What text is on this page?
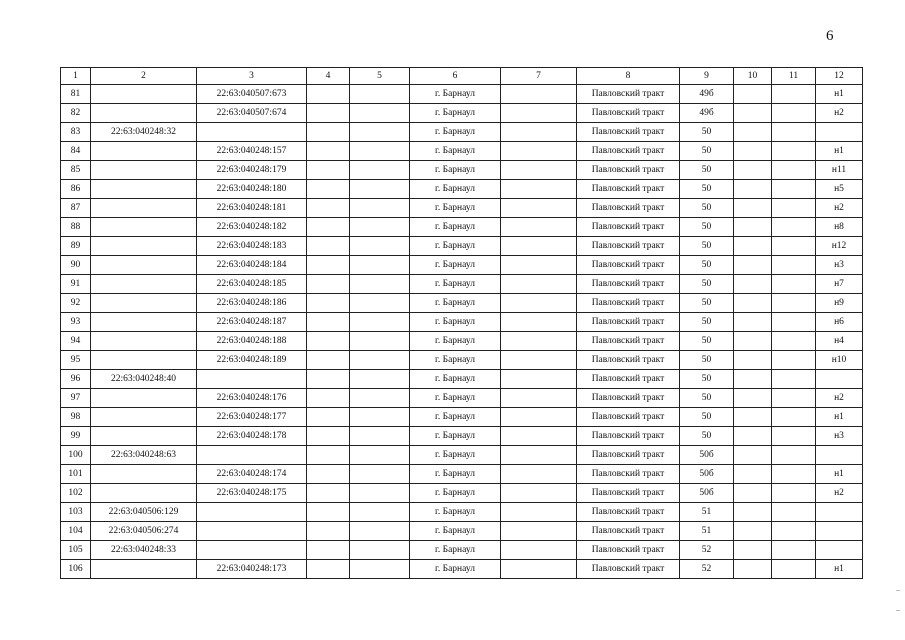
6
1	2	3	4	5	6	7	8	9	10	11	12
81		22:63:040507:673			г. Барнаул		Павловский тракт	49б			н1
82		22:63:040507:674			г. Барнаул		Павловский тракт	49б			н2
83	22:63:040248:32				г. Барнаул		Павловский тракт	50			
84		22:63:040248:157			г. Барнаул		Павловский тракт	50			н1
85		22:63:040248:179			г. Барнаул		Павловский тракт	50			н11
86		22:63:040248:180			г. Барнаул		Павловский тракт	50			н5
87		22:63:040248:181			г. Барнаул		Павловский тракт	50			н2
88		22:63:040248:182			г. Барнаул		Павловский тракт	50			н8
89		22:63:040248:183			г. Барнаул		Павловский тракт	50			н12
90		22:63:040248:184			г. Барнаул		Павловский тракт	50			н3
91		22:63:040248:185			г. Барнаул		Павловский тракт	50			н7
92		22:63:040248:186			г. Барнаул		Павловский тракт	50			н9
93		22:63:040248:187			г. Барнаул		Павловский тракт	50			н6
94		22:63:040248:188			г. Барнаул		Павловский тракт	50			н4
95		22:63:040248:189			г. Барнаул		Павловский тракт	50			н10
96	22:63:040248:40				г. Барнаул		Павловский тракт	50			
97		22:63:040248:176			г. Барнаул		Павловский тракт	50			н2
98		22:63:040248:177			г. Барнаул		Павловский тракт	50			н1
99		22:63:040248:178			г. Барнаул		Павловский тракт	50			н3
100	22:63:040248:63				г. Барнаул		Павловский тракт	50б			
101		22:63:040248:174			г. Барнаул		Павловский тракт	50б			н1
102		22:63:040248:175			г. Барнаул		Павловский тракт	50б			н2
103	22:63:040506:129				г. Барнаул		Павловский тракт	51			
104	22:63:040506:274				г. Барнаул		Павловский тракт	51			
105	22:63:040248:33				г. Барнаул		Павловский тракт	52			
106		22:63:040248:173			г. Барнаул		Павловский тракт	52			н1
